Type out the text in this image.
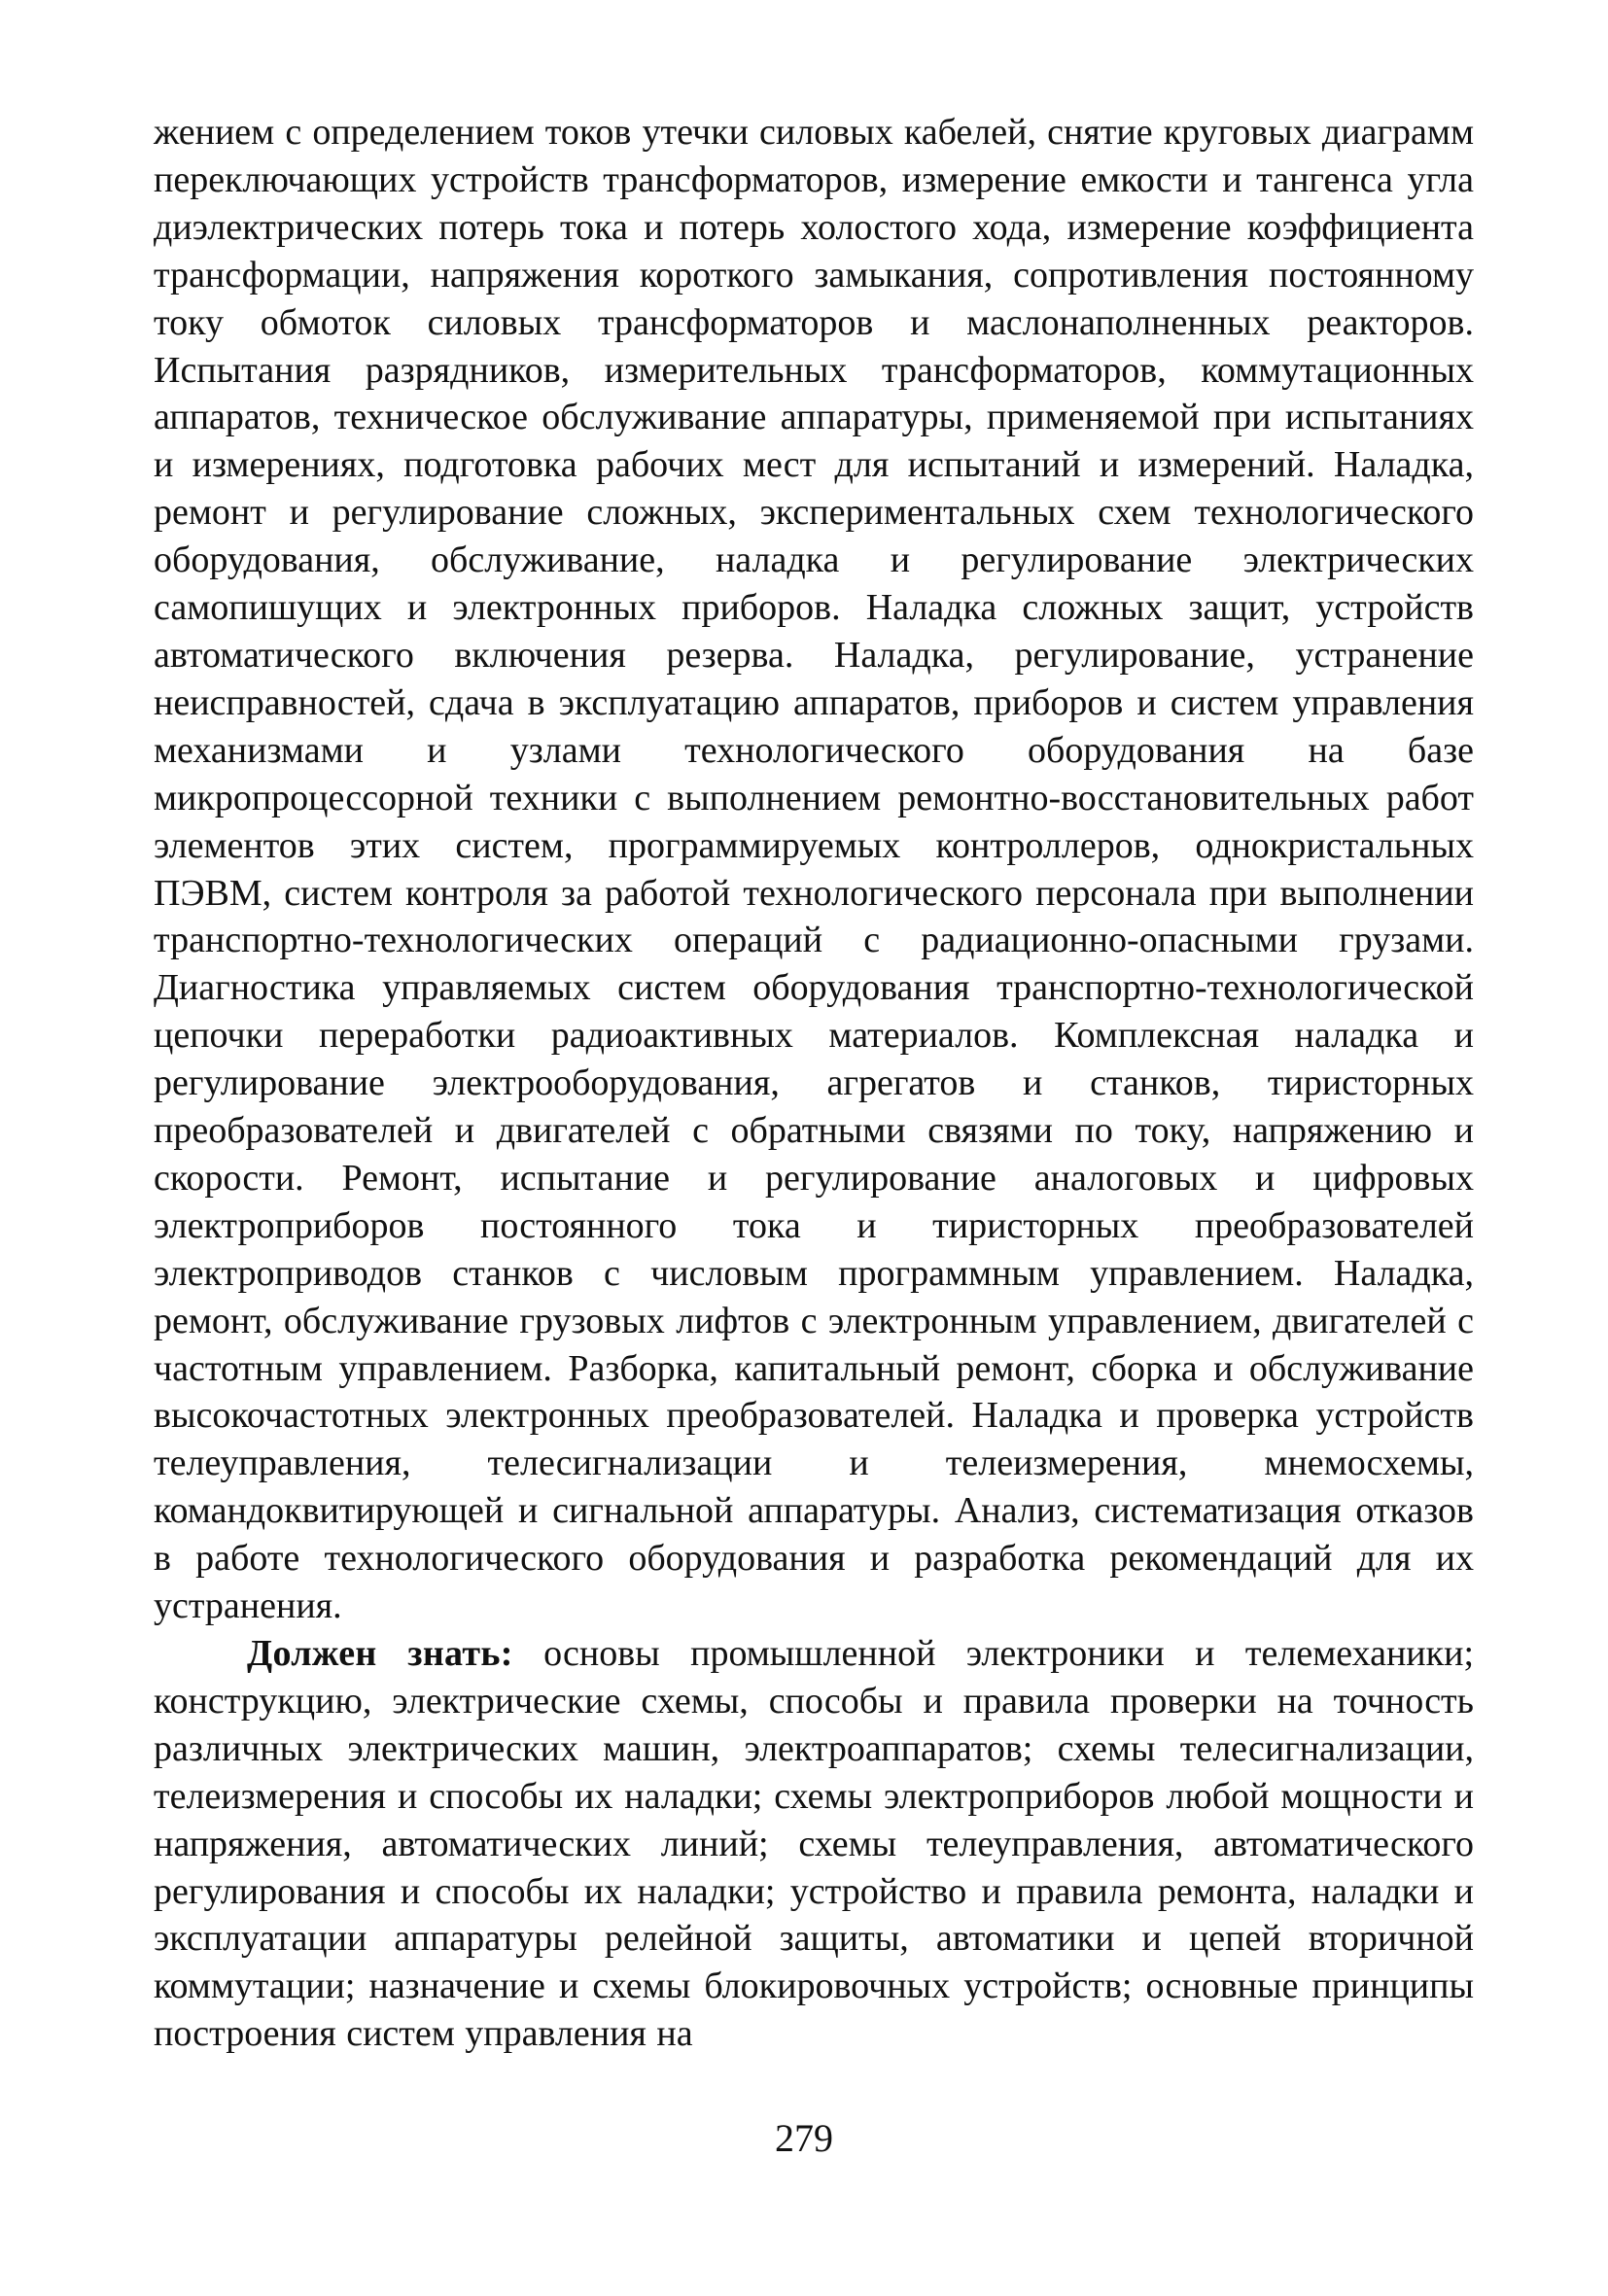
жением с определением токов утечки силовых кабелей, снятие круговых диаграмм переключающих устройств трансформаторов, измерение емкости и тангенса угла диэлектрических потерь тока и потерь холостого хода, измерение коэффициента трансформации, напряжения короткого замыкания, сопротивления постоянному току обмоток силовых трансформаторов и маслонаполненных реакторов. Испытания разрядников, измерительных трансформаторов, коммутационных аппаратов, техническое обслуживание аппаратуры, применяемой при испытаниях и измерениях, подготовка рабочих мест для испытаний и измерений. Наладка, ремонт и регулирование сложных, экспериментальных схем технологического оборудования, обслуживание, наладка и регулирование электрических самопишущих и электронных приборов. Наладка сложных защит, устройств автоматического включения резерва. Наладка, регулирование, устранение неисправностей, сдача в эксплуатацию аппаратов, приборов и систем управления механизмами и узлами технологического оборудования на базе микропроцессорной техники с выполнением ремонтно-восстановительных работ элементов этих систем, программируемых контроллеров, однокристальных ПЭВМ, систем контроля за работой технологического персонала при выполнении транспортно-технологических операций с радиационно-опасными грузами. Диагностика управляемых систем оборудования транспортно-технологической цепочки переработки радиоактивных материалов. Комплексная наладка и регулирование электрооборудования, агрегатов и станков, тиристорных преобразователей и двигателей с обратными связями по току, напряжению и скорости. Ремонт, испытание и регулирование аналоговых и цифровых электроприборов постоянного тока и тиристорных преобразователей электроприводов станков с числовым программным управлением. Наладка, ремонт, обслуживание грузовых лифтов с электронным управлением, двигателей с частотным управлением. Разборка, капитальный ремонт, сборка и обслуживание высокочастотных электронных преобразователей. Наладка и проверка устройств телеуправления, телесигнализации и телеизмерения, мнемосхемы, командоквитирующей и сигнальной аппаратуры. Анализ, систематизация отказов в работе технологического оборудования и разработка рекомендаций для их устранения.

Должен знать: основы промышленной электроники и телемеханики; конструкцию, электрические схемы, способы и правила проверки на точность различных электрических машин, электроаппаратов; схемы телесигнализации, телеизмерения и способы их наладки; схемы электроприборов любой мощности и напряжения, автоматических линий; схемы телеуправления, автоматического регулирования и способы их наладки; устройство и правила ремонта, наладки и эксплуатации аппаратуры релейной защиты, автоматики и цепей вторичной коммутации; назначение и схемы блокировочных устройств; основные принципы построения систем управления на

279
